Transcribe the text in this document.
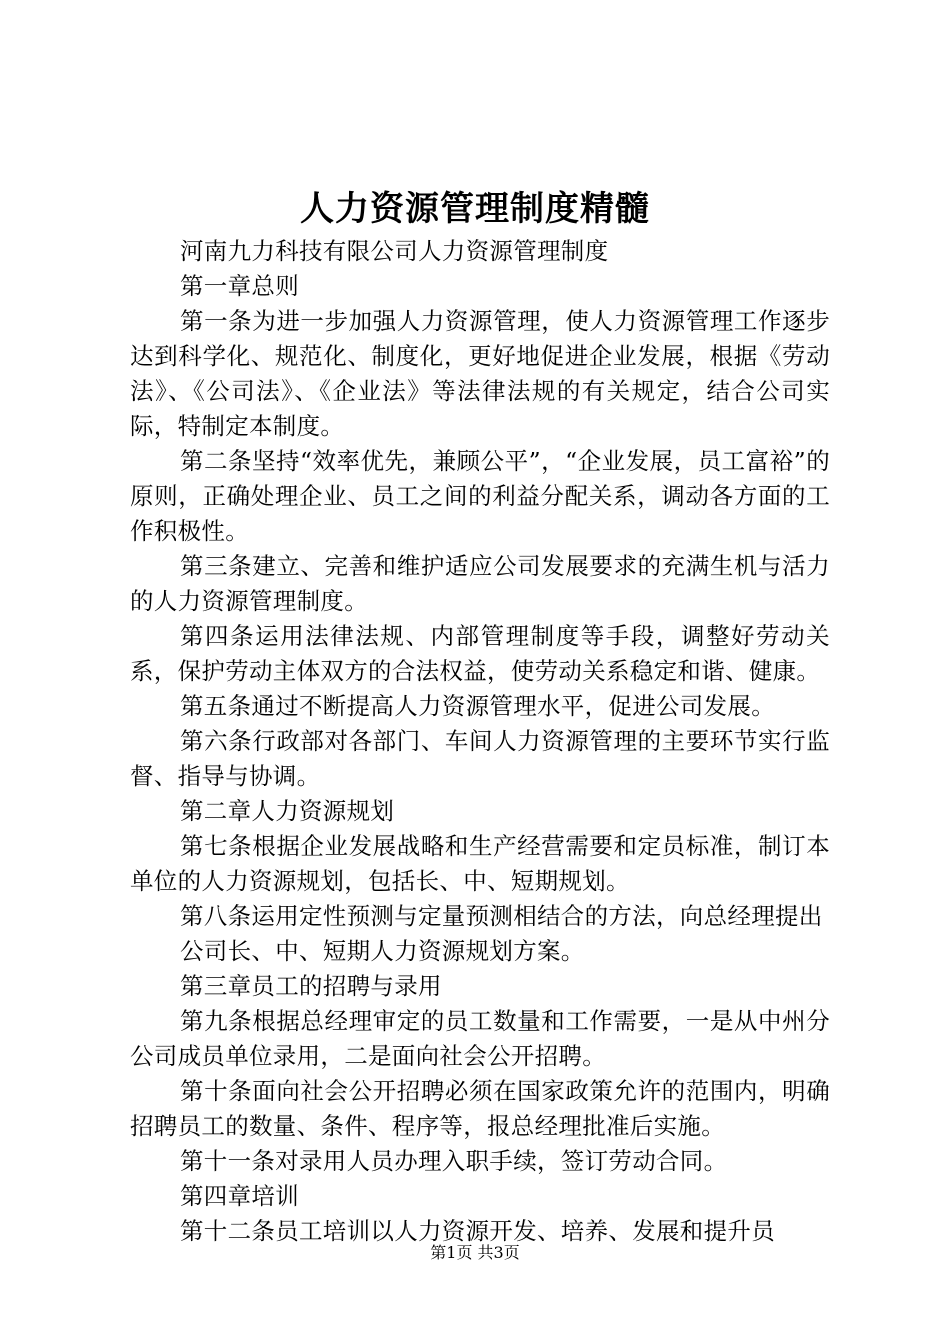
人力资源管理制度精髓

河南九力科技有限公司人力资源管理制度

第一章总则

第一条为进一步加强人力资源管理，使人力资源管理工作逐步达到科学化、规范化、制度化，更好地促进企业发展，根据《劳动法》、《公司法》、《企业法》等法律法规的有关规定，结合公司实际，特制定本制度。

第二条坚持“效率优先，兼顾公平”，“企业发展，员工富裕”的原则，正确处理企业、员工之间的利益分配关系，调动各方面的工作积极性。

第三条建立、完善和维护适应公司发展要求的充满生机与活力的人力资源管理制度。

第四条运用法律法规、内部管理制度等手段，调整好劳动关系，保护劳动主体双方的合法权益，使劳动关系稳定和谐、健康。

第五条通过不断提高人力资源管理水平，促进公司发展。

第六条行政部对各部门、车间人力资源管理的主要环节实行监督、指导与协调。

第二章人力资源规划

第七条根据企业发展战略和生产经营需要和定员标准，制订本单位的人力资源规划，包括长、中、短期规划。

第八条运用定性预测与定量预测相结合的方法，向总经理提出

公司长、中、短期人力资源规划方案。

第三章员工的招聘与录用

第九条根据总经理审定的员工数量和工作需要，一是从中州分公司成员单位录用，二是面向社会公开招聘。

第十条面向社会公开招聘必须在国家政策允许的范围内，明确招聘员工的数量、条件、程序等，报总经理批准后实施。

第十一条对录用人员办理入职手续，签订劳动合同。

第四章培训

第十二条员工培训以人力资源开发、培养、发展和提升员

第1页 共3页
